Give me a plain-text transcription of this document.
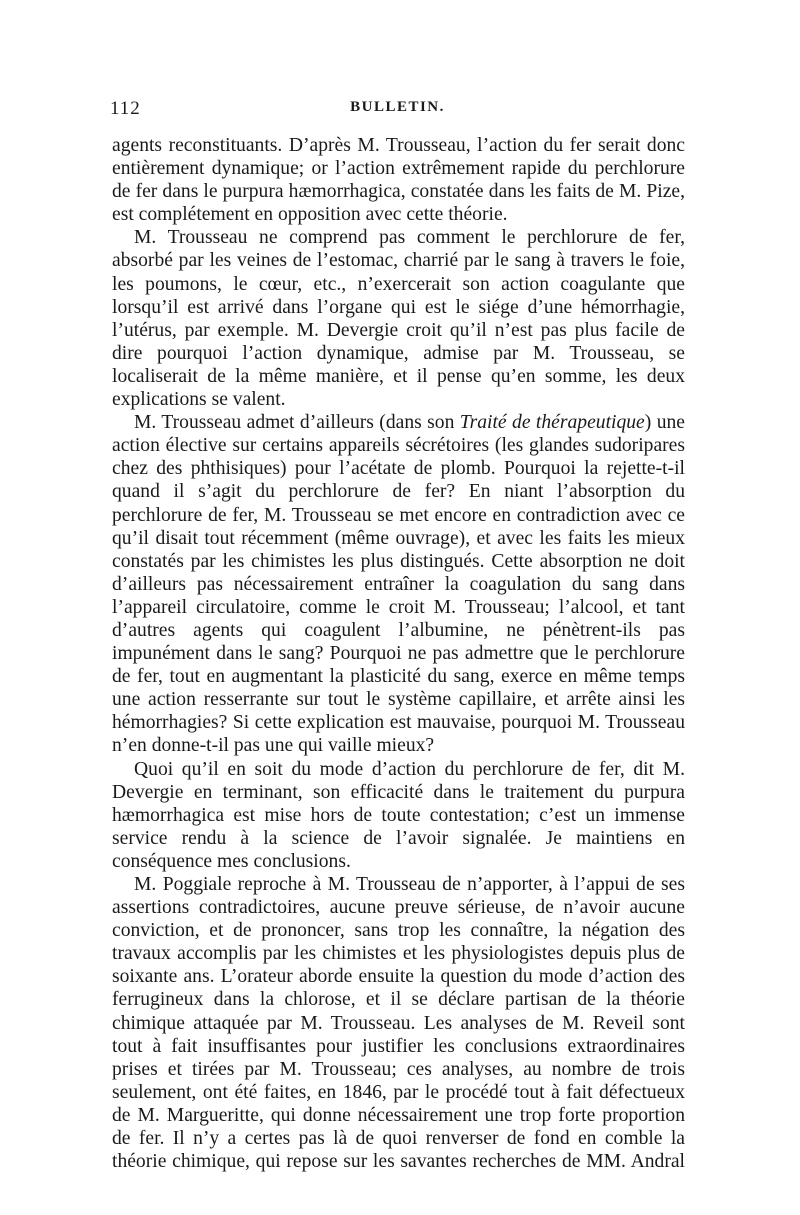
112	BULLETIN.

agents reconstituants. D’après M. Trousseau, l’action du fer serait donc entièrement dynamique; or l’action extrêmement rapide du perchlorure de fer dans le purpura hæmorrhagica, constatée dans les faits de M. Pize, est complétement en opposition avec cette théorie.

M. Trousseau ne comprend pas comment le perchlorure de fer, absorbé par les veines de l’estomac, charrié par le sang à travers le foie, les poumons, le cœur, etc., n’exercerait son action coagulante que lorsqu’il est arrivé dans l’organe qui est le siége d’une hémorrhagie, l’utérus, par exemple. M. Devergie croit qu’il n’est pas plus facile de dire pourquoi l’action dynamique, admise par M. Trousseau, se localiserait de la même manière, et il pense qu’en somme, les deux explications se valent.

M. Trousseau admet d’ailleurs (dans son Traité de thérapeutique) une action élective sur certains appareils sécrétoires (les glandes sudoripares chez des phthisiques) pour l’acétate de plomb. Pourquoi la rejette-t-il quand il s’agit du perchlorure de fer? En niant l’absorption du perchlorure de fer, M. Trousseau se met encore en contradiction avec ce qu’il disait tout récemment (même ouvrage), et avec les faits les mieux constatés par les chimistes les plus distingués. Cette absorption ne doit d’ailleurs pas nécessairement entraîner la coagulation du sang dans l’appareil circulatoire, comme le croit M. Trousseau; l’alcool, et tant d’autres agents qui coagulent l’albumine, ne pénètrent-ils pas impunément dans le sang? Pourquoi ne pas admettre que le perchlorure de fer, tout en augmentant la plasticité du sang, exerce en même temps une action resserrante sur tout le système capillaire, et arrête ainsi les hémorrhagies? Si cette explication est mauvaise, pourquoi M. Trousseau n’en donne-t-il pas une qui vaille mieux?

Quoi qu’il en soit du mode d’action du perchlorure de fer, dit M. Devergie en terminant, son efficacité dans le traitement du purpura hæmorrhagica est mise hors de toute contestation; c’est un immense service rendu à la science de l’avoir signalée. Je maintiens en conséquence mes conclusions.

M. Poggiale reproche à M. Trousseau de n’apporter, à l’appui de ses assertions contradictoires, aucune preuve sérieuse, de n’avoir aucune conviction, et de prononcer, sans trop les connaître, la négation des travaux accomplis par les chimistes et les physiologistes depuis plus de soixante ans. L’orateur aborde ensuite la question du mode d’action des ferrugineux dans la chlorose, et il se déclare partisan de la théorie chimique attaquée par M. Trousseau. Les analyses de M. Reveil sont tout à fait insuffisantes pour justifier les conclusions extraordinaires prises et tirées par M. Trousseau; ces analyses, au nombre de trois seulement, ont été faites, en 1846, par le procédé tout à fait défectueux de M. Margueritte, qui donne nécessairement une trop forte proportion de fer. Il n’y a certes pas là de quoi renverser de fond en comble la théorie chimique, qui repose sur les savantes recherches de MM. Andral
